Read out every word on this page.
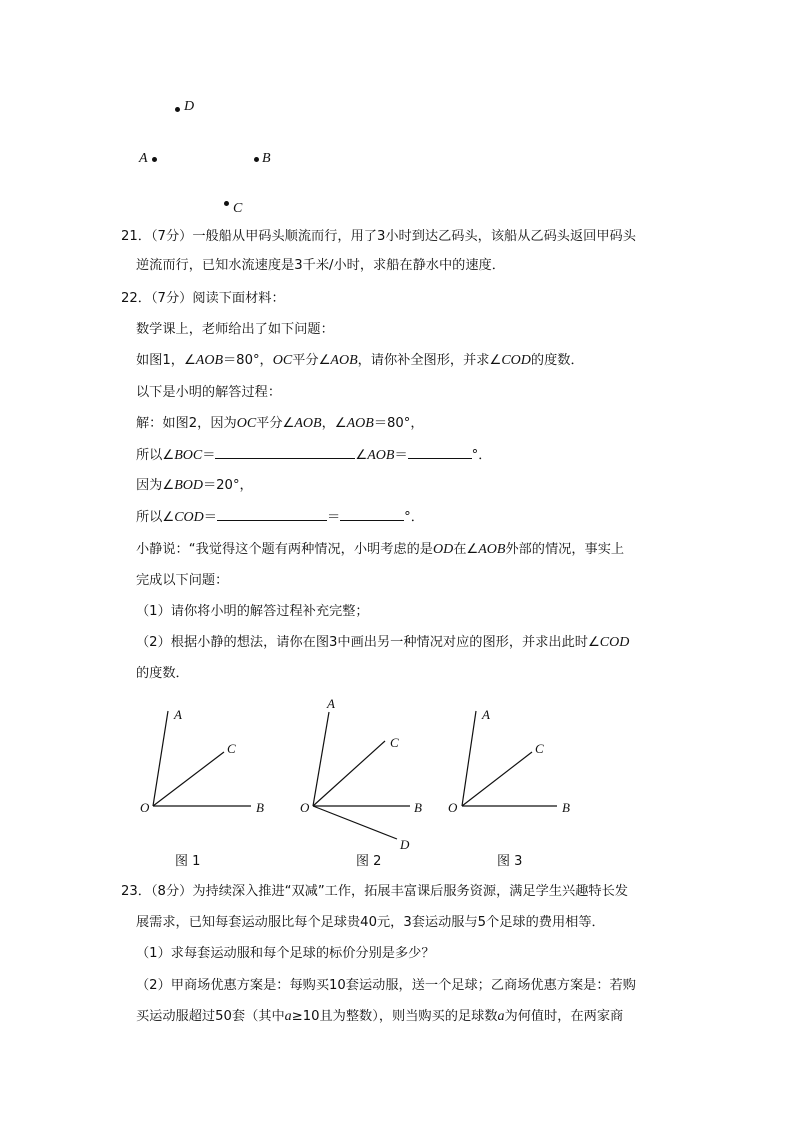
D
A	B
C
21．（7分）一般船从甲码头顺流而行，用了3小时到达乙码头，该船从乙码头返回甲码头
逆流而行，已知水流速度是3千米/小时，求船在静水中的速度．
22．（7分）阅读下面材料：
数学课上，老师给出了如下问题：
如图1，∠AOB＝80°，OC平分∠AOB，请你补全图形，并求∠COD的度数．
以下是小明的解答过程：
解：如图2，因为OC平分∠AOB，∠AOB＝80°，
所以∠BOC＝	∠AOB＝	°．
因为∠BOD＝20°，
所以∠COD＝	＝	°．
小静说：“我觉得这个题有两种情况，小明考虑的是OD在∠AOB外部的情况，事实上
完成以下问题：
（1）请你将小明的解答过程补充完整；
（2）根据小静的想法，请你在图3中画出另一种情况对应的图形，并求出此时∠COD
的度数．
A
C
O	B
A
C
O	B
D
A
C
O	B
图 1	图 2	图 3
23．（8分）为持续深入推进“双减”工作，拓展丰富课后服务资源，满足学生兴趣特长发
展需求，已知每套运动服比每个足球贵40元，3套运动服与5个足球的费用相等．
（1）求每套运动服和每个足球的标价分别是多少？
（2）甲商场优惠方案是：每购买10套运动服，送一个足球；乙商场优惠方案是：若购
买运动服超过50套（其中a≥10且为整数），则当购买的足球数a为何值时，在两家商
